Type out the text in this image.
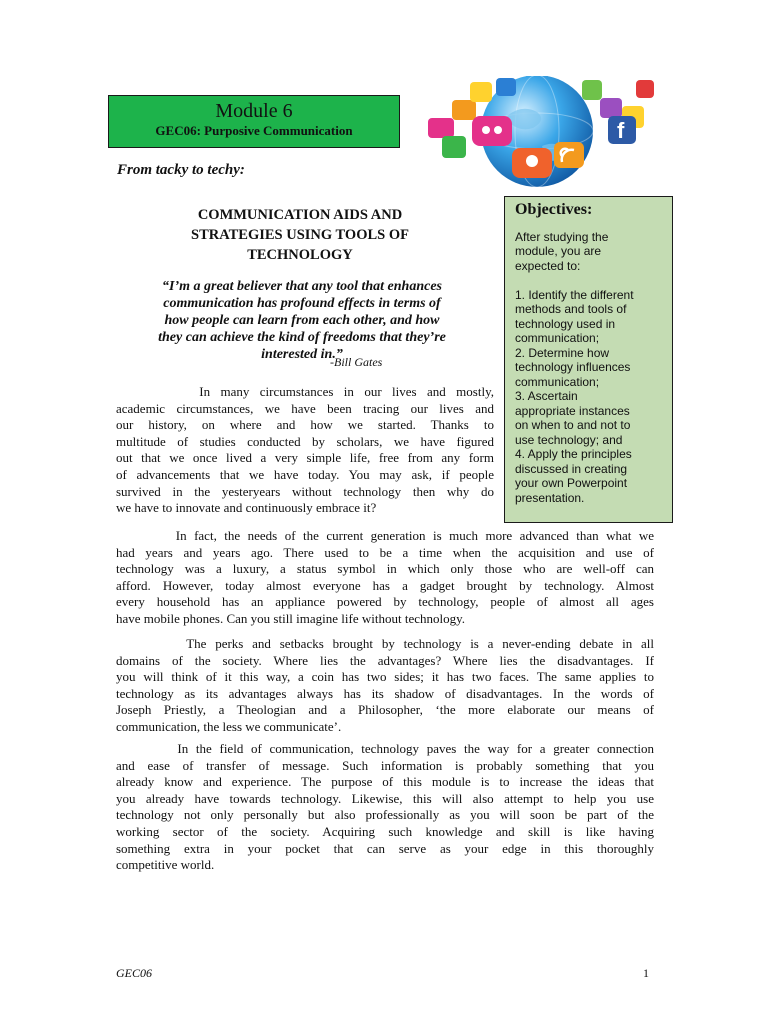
Module 6
GEC06: Purposive Communication	f
From tacky to techy:
COMMUNICATION AIDS AND
STRATEGIES USING TOOLS OF
TECHNOLOGY
“I’m a great believer that any tool that enhances
communication has profound effects in terms of
how people can learn from each other, and how
they can achieve the kind of freedoms that they’re
interested in.”
-Bill Gates
Objectives:
After studying the
module, you are
expected to:
1. Identify the different
methods and tools of
technology used in
communication;
2. Determine how
technology influences
communication;
3. Ascertain
appropriate instances
on when to and not to
use technology; and
4. Apply the principles
discussed in creating
your own Powerpoint
presentation.
In many circumstances in our lives and mostly,
academic circumstances, we have been tracing our lives and
our history, on where and how we started. Thanks to
multitude of studies conducted by scholars, we have figured
out that we once lived a very simple life, free from any form
of advancements that we have today. You may ask, if people
survived in the yesteryears without technology then why do
we have to innovate and continuously embrace it?
In fact, the needs of the current generation is much more advanced than what we
had years and years ago. There used to be a time when the acquisition and use of
technology was a luxury, a status symbol in which only those who are well-off can
afford. However, today almost everyone has a gadget brought by technology. Almost
every household has an appliance powered by technology, people of almost all ages
have mobile phones. Can you still imagine life without technology.
The perks and setbacks brought by technology is a never-ending debate in all
domains of the society. Where lies the advantages? Where lies the disadvantages. If
you will think of it this way, a coin has two sides; it has two faces. The same applies to
technology as its advantages always has its shadow of disadvantages. In the words of
Joseph Priestly, a Theologian and a Philosopher, ‘the more elaborate our means of
communication, the less we communicate’.
In the field of communication, technology paves the way for a greater connection
and ease of transfer of message. Such information is probably something that you
already know and experience. The purpose of this module is to increase the ideas that
you already have towards technology. Likewise, this will also attempt to help you use
technology not only personally but also professionally as you will soon be part of the
working sector of the society. Acquiring such knowledge and skill is like having
something extra in your pocket that can serve as your edge in this thoroughly
competitive world.
GEC06	1
